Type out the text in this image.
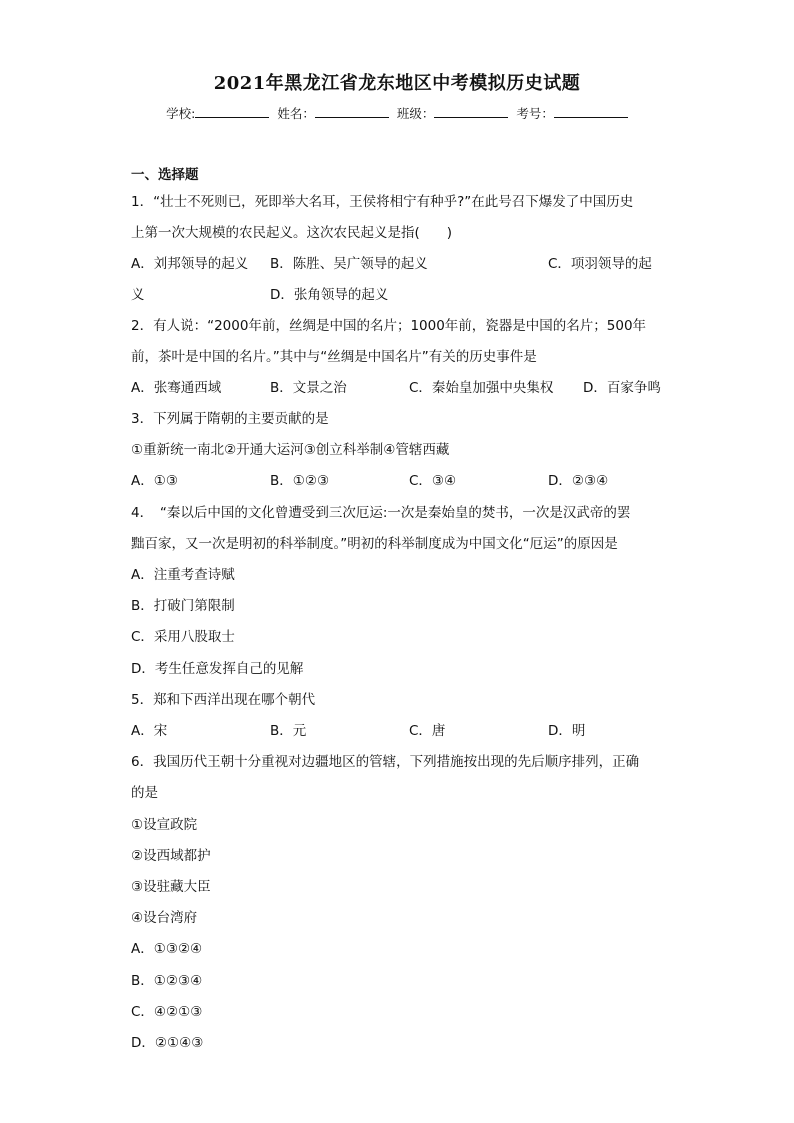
2021年黑龙江省龙东地区中考模拟历史试题
学校:	姓名：	班级：	考号：
一、选择题
1．“壮士不死则已，死即举大名耳，王侯将相宁有种乎?”在此号召下爆发了中国历史
上第一次大规模的农民起义。这次农民起义是指(　　)
A．刘邦领导的起义 B．陈胜、吴广领导的起义	C．项羽领导的起
义	D．张角领导的起义
2．有人说：“2000年前，丝绸是中国的名片；1000年前，瓷器是中国的名片；500年
前，茶叶是中国的名片。”其中与“丝绸是中国名片”有关的历史事件是
A．张骞通西域	B．文景之治	C．秦始皇加强中央集权 D．百家争鸣
3．下列属于隋朝的主要贡献的是
①重新统一南北②开通大运河③创立科举制④管辖西藏
A．①③	B．①②③	C．③④	D．②③④
4．　“秦以后中国的文化曾遭受到三次厄运:一次是秦始皇的焚书，一次是汉武帝的罢
黜百家，又一次是明初的科举制度。”明初的科举制度成为中国文化“厄运”的原因是
A．注重考查诗赋
B．打破门第限制
C．采用八股取士
D．考生任意发挥自己的见解
5．郑和下西洋出现在哪个朝代
A．宋	B．元	C．唐	D．明
6．我国历代王朝十分重视对边疆地区的管辖，下列措施按出现的先后顺序排列，正确
的是
①设宣政院
②设西域都护
③设驻藏大臣
④设台湾府
A．①③②④
B．①②③④
C．④②①③
D．②①④③
